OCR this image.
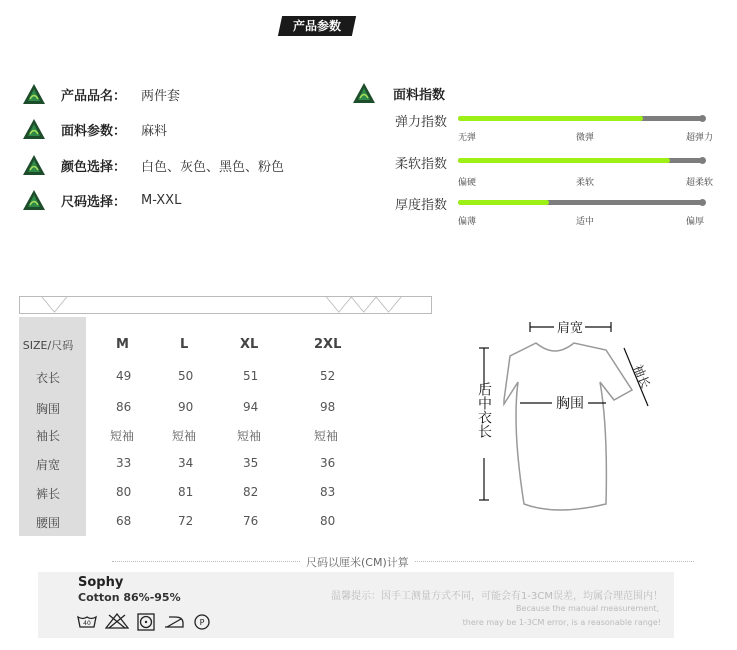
产品参数
产品品名：	两件套
面料参数：	麻料
颜色选择：	白色、灰色、黑色、粉色
尺码选择：	M-XXL
面料指数
弹力指数
无弹	微弹	超弹力
柔软指数
偏硬	柔软	超柔软
厚度指数
偏薄	适中	偏厚
SIZE/尺码	M	L	XL	2XL
衣长	49	50	51	52
胸围	86	90	94	98
袖长	短袖	短袖	短袖	短袖
肩宽	33	34	35	36
裤长	80	81	82	83
腰围	68	72	76	80
肩宽
袖长
胸围
后中衣长
尺码以厘米(CM)计算
Sophy
Cotton 86%-95%
40	P
温馨提示：因手工测量方式不同，可能会有1-3CM误差，均属合理范围内！
Because the manual measurement,
there may be 1-3CM error, is a reasonable range!
